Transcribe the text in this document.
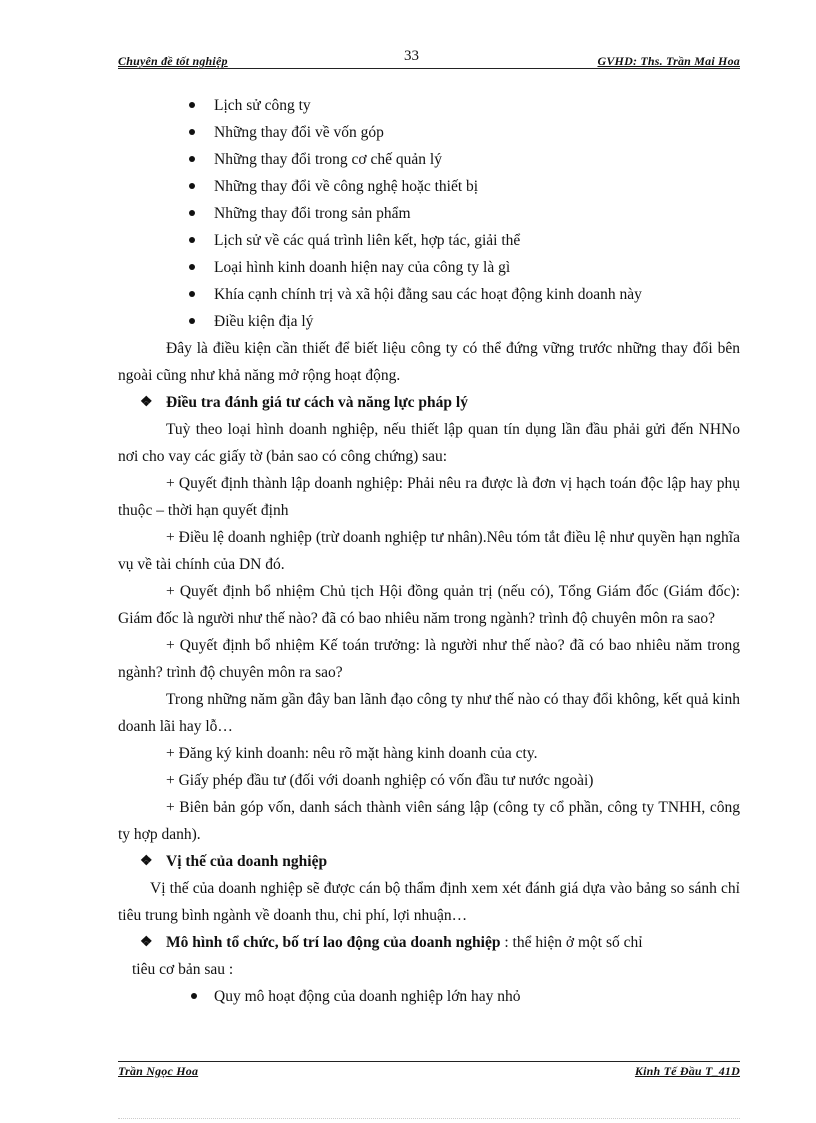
Chuyên đề tốt nghiệp	33	GVHD: Ths. Trần Mai Hoa
Lịch sử công ty
Những thay đổi về vốn góp
Những thay đổi trong cơ chế quản lý
Những thay đổi về công nghệ hoặc thiết bị
Những thay đổi trong sản phẩm
Lịch sử về các quá trình liên kết, hợp tác, giải thể
Loại hình kinh doanh hiện nay của công ty là gì
Khía cạnh chính trị và xã hội đằng sau các hoạt động kinh doanh này
Điều kiện địa lý

Đây là điều kiện cần thiết để biết liệu công ty có thể đứng vững trước những thay đổi bên ngoài cũng như khả năng mở rộng hoạt động.

❖ Điều tra đánh giá tư cách và năng lực pháp lý

Tuỳ theo loại hình doanh nghiệp, nếu thiết lập quan tín dụng lần đầu phải gửi đến NHNo nơi cho vay các giấy tờ (bản sao có công chứng) sau:

+ Quyết định thành lập doanh nghiệp: Phải nêu ra được là đơn vị hạch toán độc lập hay phụ thuộc – thời hạn quyết định

+ Điều lệ doanh nghiệp (trừ doanh nghiệp tư nhân).Nêu tóm tắt điều lệ như quyền hạn nghĩa vụ về tài chính của DN đó.

+ Quyết định bổ nhiệm Chủ tịch Hội đồng quản trị (nếu có), Tổng Giám đốc (Giám đốc): Giám đốc là người như thế nào? đã có bao nhiêu năm trong ngành? trình độ chuyên môn ra sao?

+ Quyết định bổ nhiệm Kế toán trưởng: là người như thế nào? đã có bao nhiêu năm trong ngành? trình độ chuyên môn ra sao?

Trong những năm gần đây ban lãnh đạo công ty như thế nào có thay đổi không, kết quả kinh doanh lãi hay lỗ…

+ Đăng ký kinh doanh: nêu rõ mặt hàng kinh doanh của cty.

+ Giấy phép đầu tư (đối với doanh nghiệp có vốn đầu tư nước ngoài)

+ Biên bản góp vốn, danh sách thành viên sáng lập (công ty cổ phần, công ty TNHH, công ty hợp danh).

❖ Vị thế của doanh nghiệp

Vị thế của doanh nghiệp sẽ được cán bộ thẩm định xem xét đánh giá dựa vào bảng so sánh chỉ tiêu trung bình ngành về doanh thu, chi phí, lợi nhuận…

❖ Mô hình tổ chức, bố trí lao động của doanh nghiệp : thể hiện ở một số chỉ
tiêu cơ bản sau :
Quy mô hoạt động của doanh nghiệp lớn hay nhỏ
Trần Ngọc Hoa	Kinh Tế Đầu T_41D
